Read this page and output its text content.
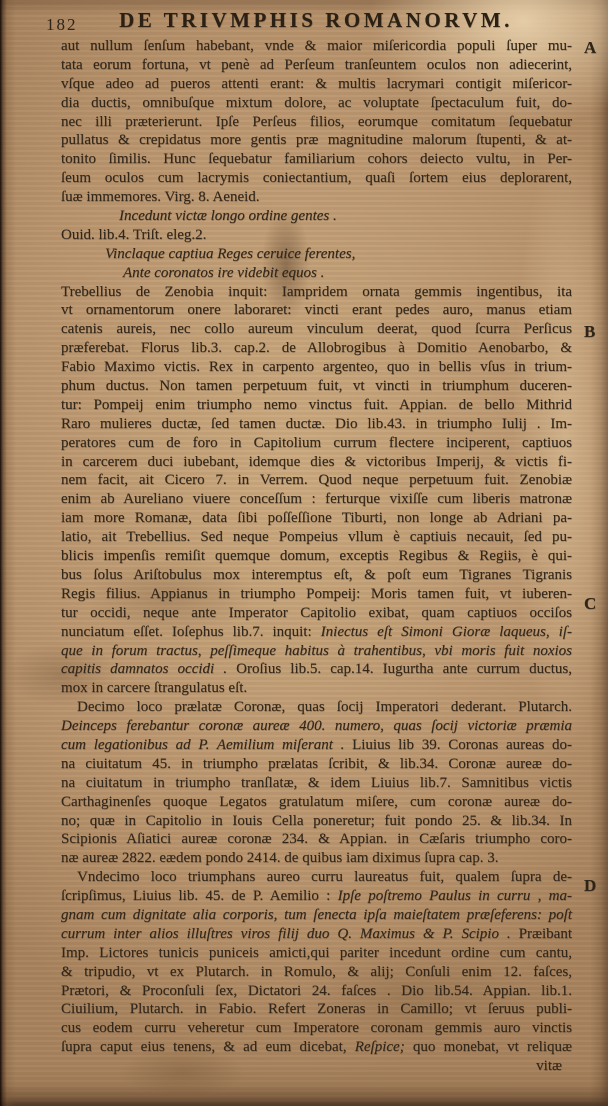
182	DE TRIVMPHIS ROMANORVM.
aut nullum ſenſum habebant, vnde & maior miſericordia populi ſuper mu-
tata eorum fortuna, vt penè ad Perſeum tranſeuntem oculos non adiecerint,
vſque adeo ad pueros attenti erant: & multis lacrymari contigit miſericor-
dia ductis, omnibuſque mixtum dolore, ac voluptate ſpectaculum fuit, do-
nec illi præterierunt. Ipſe Perſeus filios, eorumque comitatum ſequebatur
pullatus & crepidatus more gentis præ magnitudine malorum ſtupenti, & at-
tonito ſimilis. Hunc ſequebatur familiarium cohors deiecto vultu, in Per-
ſeum oculos cum lacrymis coniectantium, quaſi ſortem eius deplorarent,
ſuæ immemores. Virg. 8. Aeneid.
Incedunt victæ longo ordine gentes .
Ouid. lib.4. Triſt. eleg.2.
Vinclaque captiua Reges ceruice ferentes,
Ante coronatos ire videbit equos .
Trebellius de Zenobia inquit: Iampridem ornata gemmis ingentibus, ita
vt ornamentorum onere laboraret: vincti erant pedes auro, manus etiam
catenis aureis, nec collo aureum vinculum deerat, quod ſcurra Perſicus
præferebat. Florus lib.3. cap.2. de Allobrogibus à Domitio Aenobarbo, &
Fabio Maximo victis. Rex in carpento argenteo, quo in bellis vſus in trium-
phum ductus. Non tamen perpetuum fuit, vt vincti in triumphum duceren-
tur: Pompeij enim triumpho nemo vinctus fuit. Appian. de bello Mithrid
Raro mulieres ductæ, ſed tamen ductæ. Dio lib.43. in triumpho Iulij . Im-
peratores cum de foro in Capitolium currum flectere inciperent, captiuos
in carcerem duci iubebant, idemque dies & victoribus Imperij, & victis fi-
nem facit, ait Cicero 7. in Verrem. Quod neque perpetuum fuit. Zenobiæ
enim ab Aureliano viuere conceſſum : ferturque vixiſſe cum liberis matronæ
iam more Romanæ, data ſibi poſſeſſione Tiburti, non longe ab Adriani pa-
latio, ait Trebellius. Sed neque Pompeius vllum è captiuis necauit, ſed pu-
blicis impenſis remiſit quemque domum, exceptis Regibus & Regiis, è qui-
bus ſolus Ariſtobulus mox interemptus eſt, & poſt eum Tigranes Tigranis
Regis filius. Appianus in triumpho Pompeij: Moris tamen fuit, vt iuberen-
tur occidi, neque ante Imperator Capitolio exibat, quam captiuos occiſos
nunciatum eſſet. Ioſephus lib.7. inquit: Iniectus eſt Simoni Gioræ laqueus, iſ-
que in forum tractus, peſſimeque habitus à trahentibus, vbi moris fuit noxios
capitis damnatos occidi . Oroſius lib.5. cap.14. Iugurtha ante currum ductus,
mox in carcere ſtrangulatus eſt.
Decimo loco prælatæ Coronæ, quas ſocij Imperatori dederant. Plutarch.
Deinceps ferebantur coronæ aureæ 400. numero, quas ſocij victoriæ præmia
cum legationibus ad P. Aemilium miſerant . Liuius lib 39. Coronas aureas do-
na ciuitatum 45. in triumpho prælatas ſcribit, & lib.34. Coronæ aureæ do-
na ciuitatum in triumpho tranſlatæ, & idem Liuius lib.7. Samnitibus victis
Carthaginenſes quoque Legatos gratulatum miſere, cum coronæ aureæ do-
no; quæ in Capitolio in Iouis Cella poneretur; fuit pondo 25. & lib.34. In
Scipionis Aſiatici aureæ coronæ 234. & Appian. in Cæſaris triumpho coro-
næ aureæ 2822. eædem pondo 2414. de quibus iam diximus ſupra cap. 3.
Vndecimo loco triumphans aureo curru laureatus fuit, qualem ſupra de-
ſcripſimus, Liuius lib. 45. de P. Aemilio : Ipſe poſtremo Paulus in curru , ma-
gnam cum dignitate alia corporis, tum ſenecta ipſa maieſtatem præſeferens: poſt
currum inter alios illuſtres viros filij duo Q. Maximus & P. Scipio . Præibant
Imp. Lictores tunicis puniceis amicti,qui pariter incedunt ordine cum cantu,
& tripudio, vt ex Plutarch. in Romulo, & alij; Conſuli enim 12. faſces,
Prætori, & Proconſuli ſex, Dictatori 24. faſces . Dio lib.54. Appian. lib.1.
Ciuilium, Plutarch. in Fabio. Refert Zoneras in Camillo; vt ſeruus publi-
cus eodem curru veheretur cum Imperatore coronam gemmis auro vinctis
ſupra caput eius tenens, & ad eum dicebat, Reſpice; quo monebat, vt reliquæ
vitæ
A
B
C
D
